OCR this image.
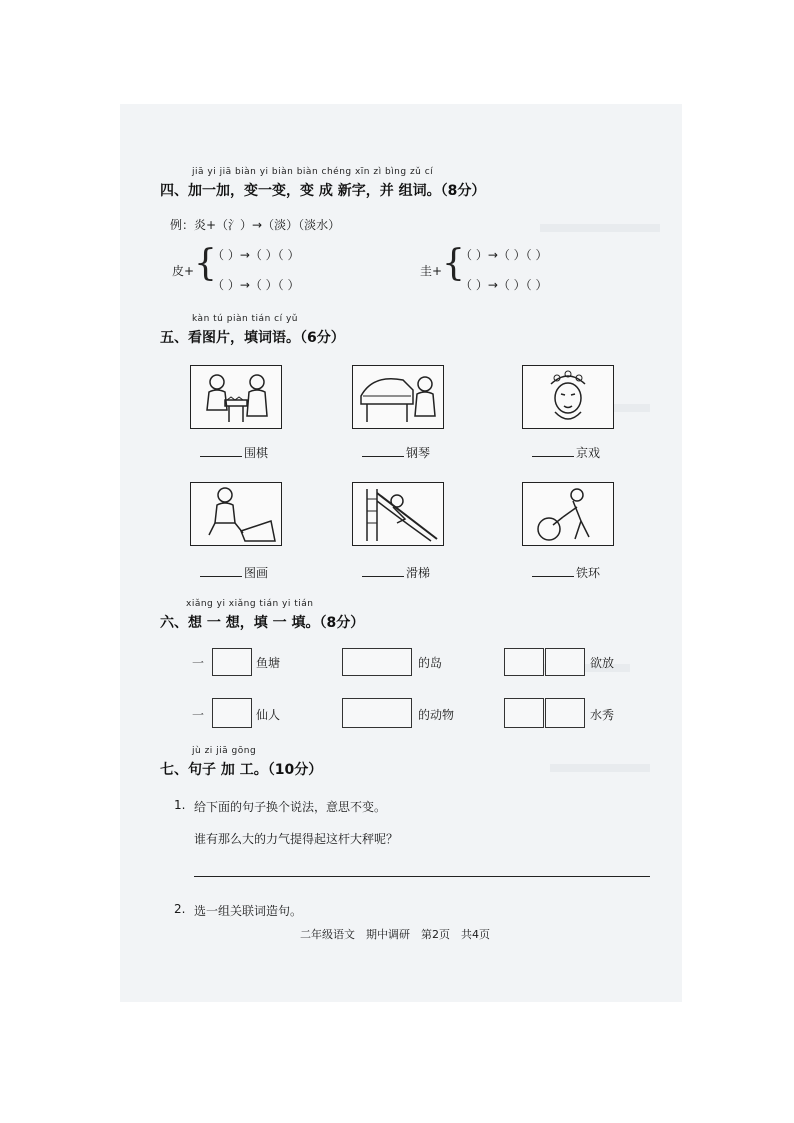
jiā yi jiā biàn yi biàn biàn chéng xīn zì bìng zǔ cí
四、加一加，变一变，变 成 新字，并 组词。（8分）
例：炎+（氵）→（淡）（淡水）
皮+ {
（ ）→（ ）（ ）
（ ）→（ ）（ ）
圭+ {
（ ）→（ ）（ ）
（ ）→（ ）（ ）
kàn tú piàn tián cí yǔ
五、看图片，填词语。（6分）
围棋	钢琴	京戏
图画	滑梯	铁环
xiǎng yi xiǎng tián yi tián
六、想 一 想，填 一 填。（8分）
一	鱼塘	的岛	欲放
一	仙人	的动物	水秀
jù zi jiā gōng
七、句子 加 工。（10分）
1. 给下面的句子换个说法，意思不变。
谁有那么大的力气提得起这杆大秤呢？
2. 选一组关联词造句。
二年级语文　期中调研　第2页　共4页
